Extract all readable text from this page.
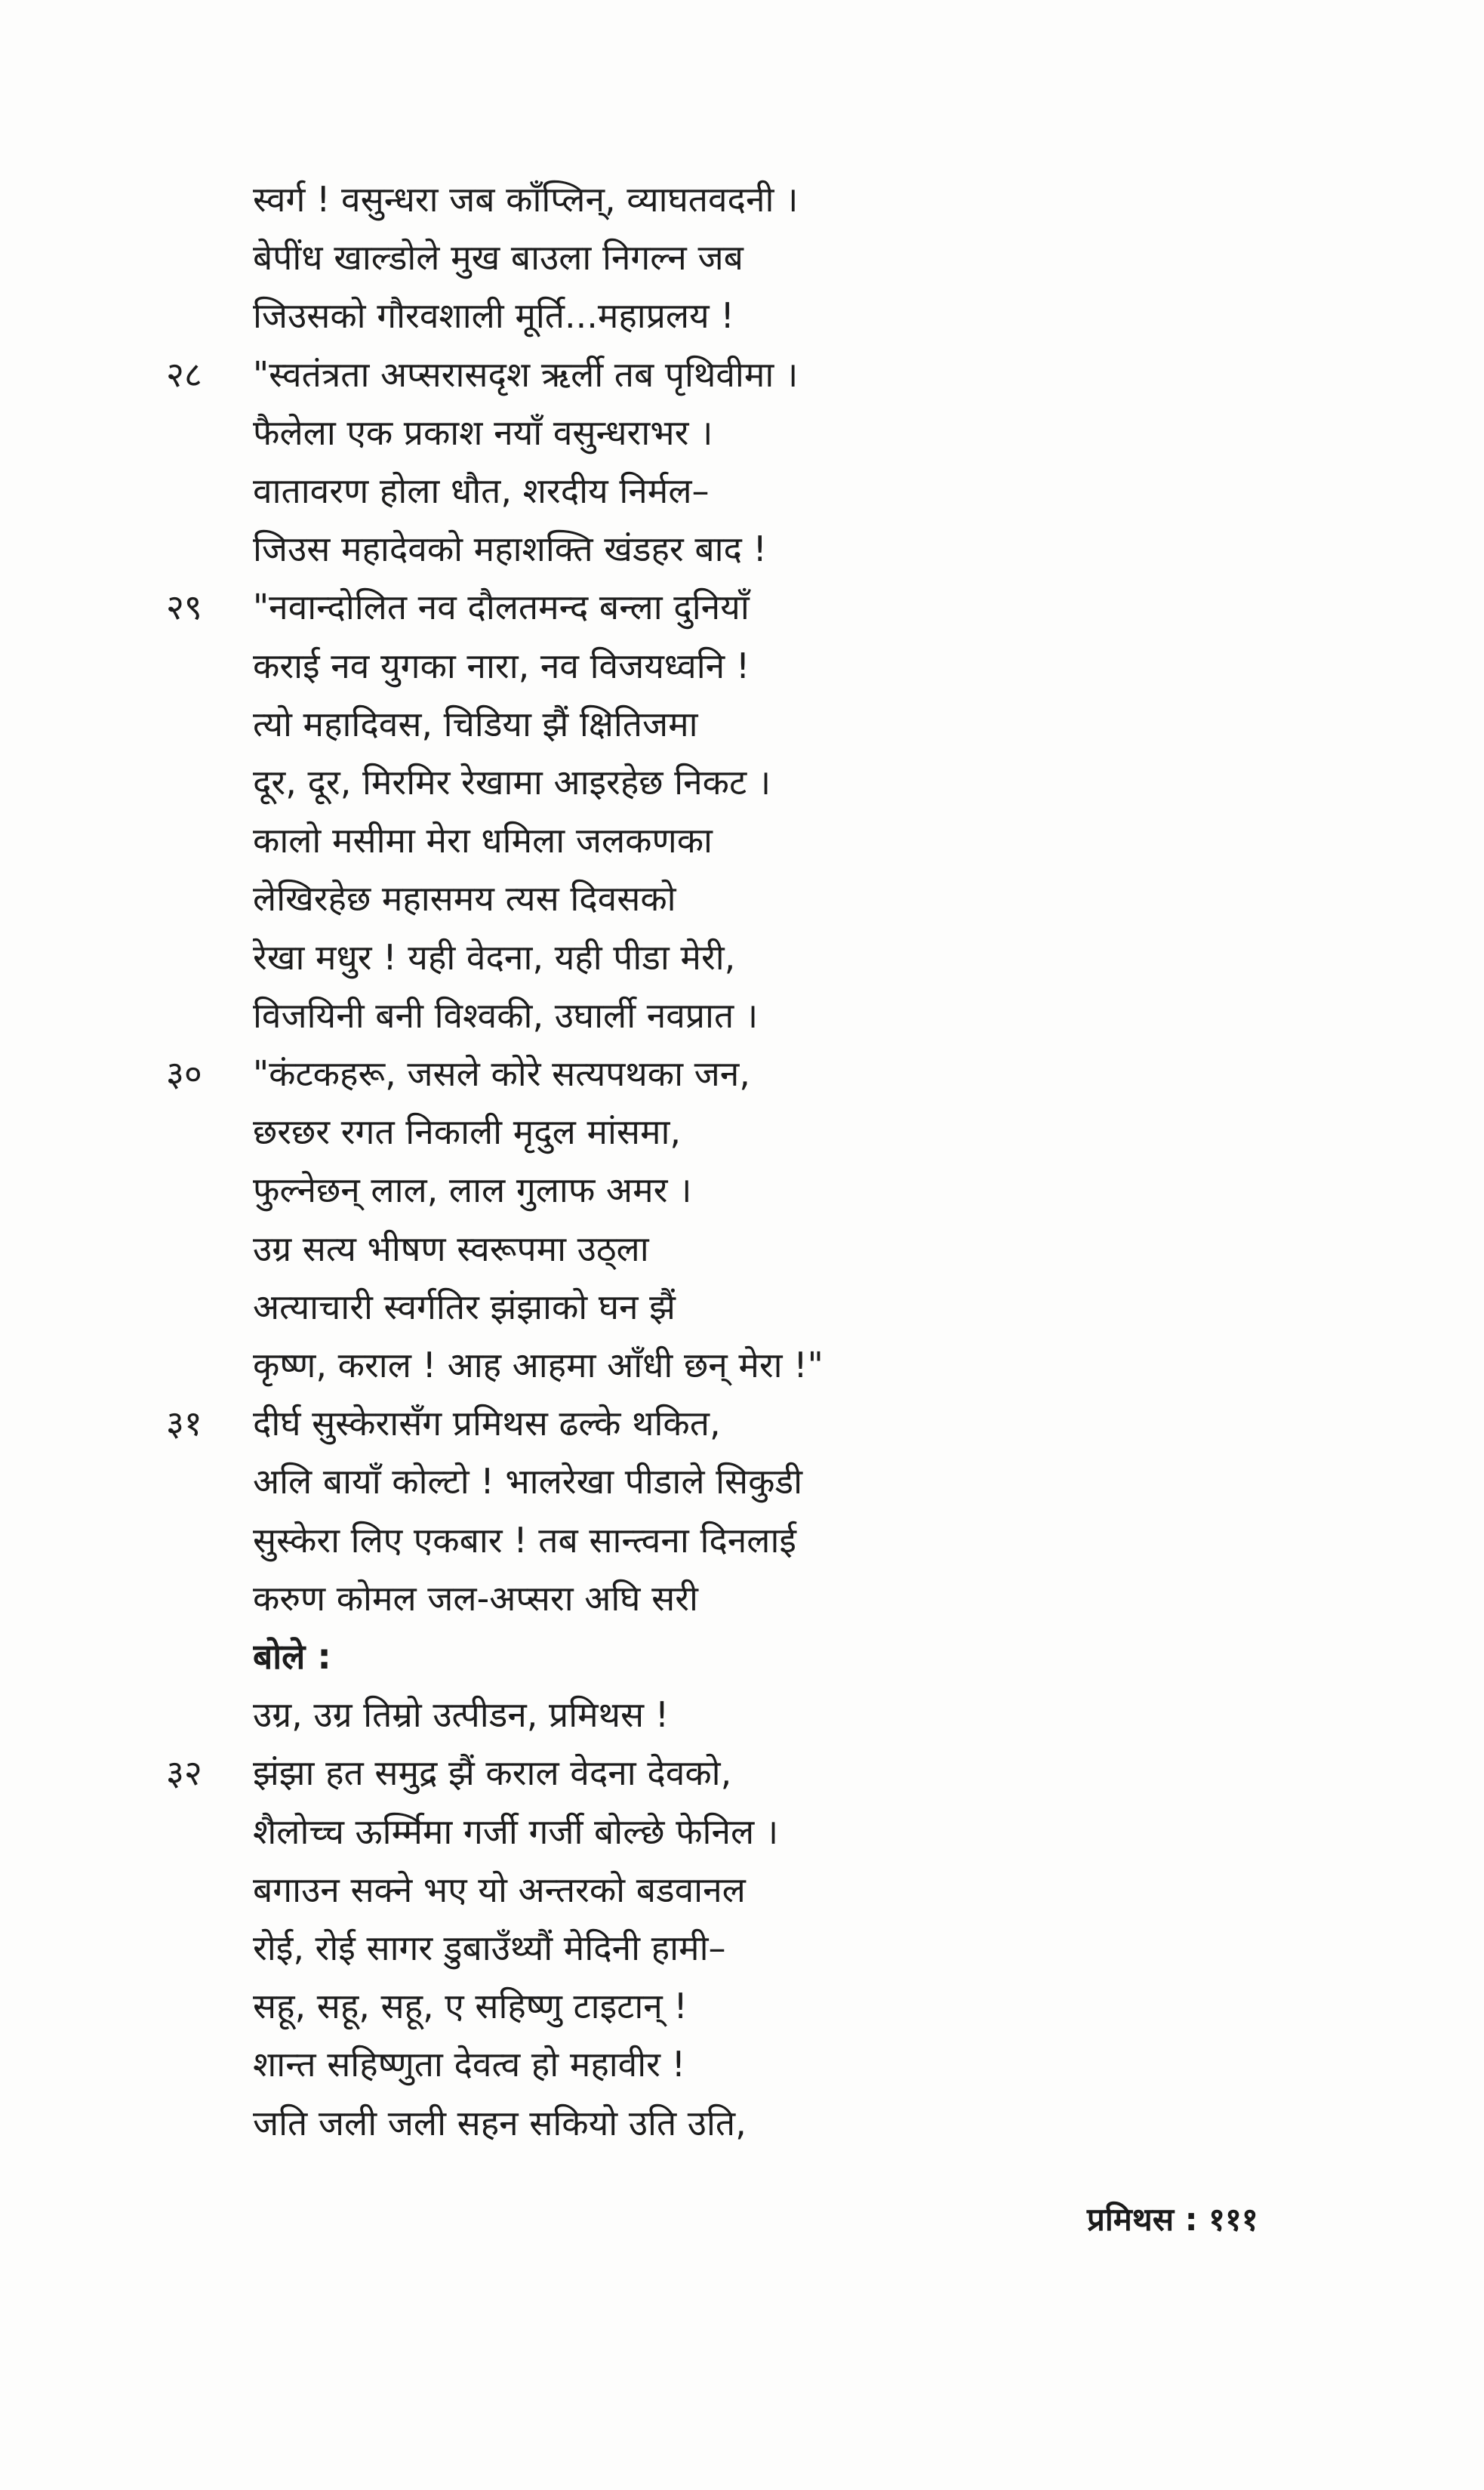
स्वर्ग ! वसुन्धरा जब काँप्लिन्, व्याघतवदनी ।
बेपींध खाल्डोले मुख बाउला निगल्न जब
जिउसको गौरवशाली मूर्ति...महाप्रलय !
२८	"स्वतंत्रता अप्सरासदृश ऋर्ली तब पृथिवीमा ।
फैलेला एक प्रकाश नयाँ वसुन्धराभर ।
वातावरण होला धौत, शरदीय निर्मल–
जिउस महादेवको महाशक्ति खंडहर बाद !
२९	"नवान्दोलित नव दौलतमन्द बन्ला दुनियाँ
कराई नव युगका नारा, नव विजयध्वनि !
त्यो महादिवस, चिडिया झैं क्षितिजमा
दूर, दूर, मिरमिर रेखामा आइरहेछ निकट ।
कालो मसीमा मेरा धमिला जलकणका
लेखिरहेछ महासमय त्यस दिवसको
रेखा मधुर ! यही वेदना, यही पीडा मेरी,
विजयिनी बनी विश्वकी, उघार्ली नवप्रात ।
३०	"कंटकहरू, जसले कोरे सत्यपथका जन,
छरछर रगत निकाली मृदुल मांसमा,
फुल्नेछन् लाल, लाल गुलाफ अमर ।
उग्र सत्य भीषण स्वरूपमा उठ्ला
अत्याचारी स्वर्गतिर झंझाको घन झैं
कृष्ण, कराल ! आह आहमा आँधी छन् मेरा !"
३१	दीर्घ सुस्केरासँग प्रमिथस ढल्के थकित,
अलि बायाँ कोल्टो ! भालरेखा पीडाले सिकुडी
सुस्केरा लिए एकबार ! तब सान्त्वना दिनलाई
करुण कोमल जल-अप्सरा अघि सरी
बोले :
उग्र, उग्र तिम्रो उत्पीडन, प्रमिथस !
३२	झंझा हत समुद्र झैं कराल वेदना देवको,
शैलोच्च ऊर्म्मिमा गर्जी गर्जी बोल्छे फेनिल ।
बगाउन सक्ने भए यो अन्तरको बडवानल
रोई, रोई सागर डुबाउँथ्यौं मेदिनी हामी–
सहू, सहू, सहू, ए सहिष्णु टाइटान् !
शान्त सहिष्णुता देवत्व हो महावीर !
जति जली जली सहन सकियो उति उति,
प्रमिथस : १११
